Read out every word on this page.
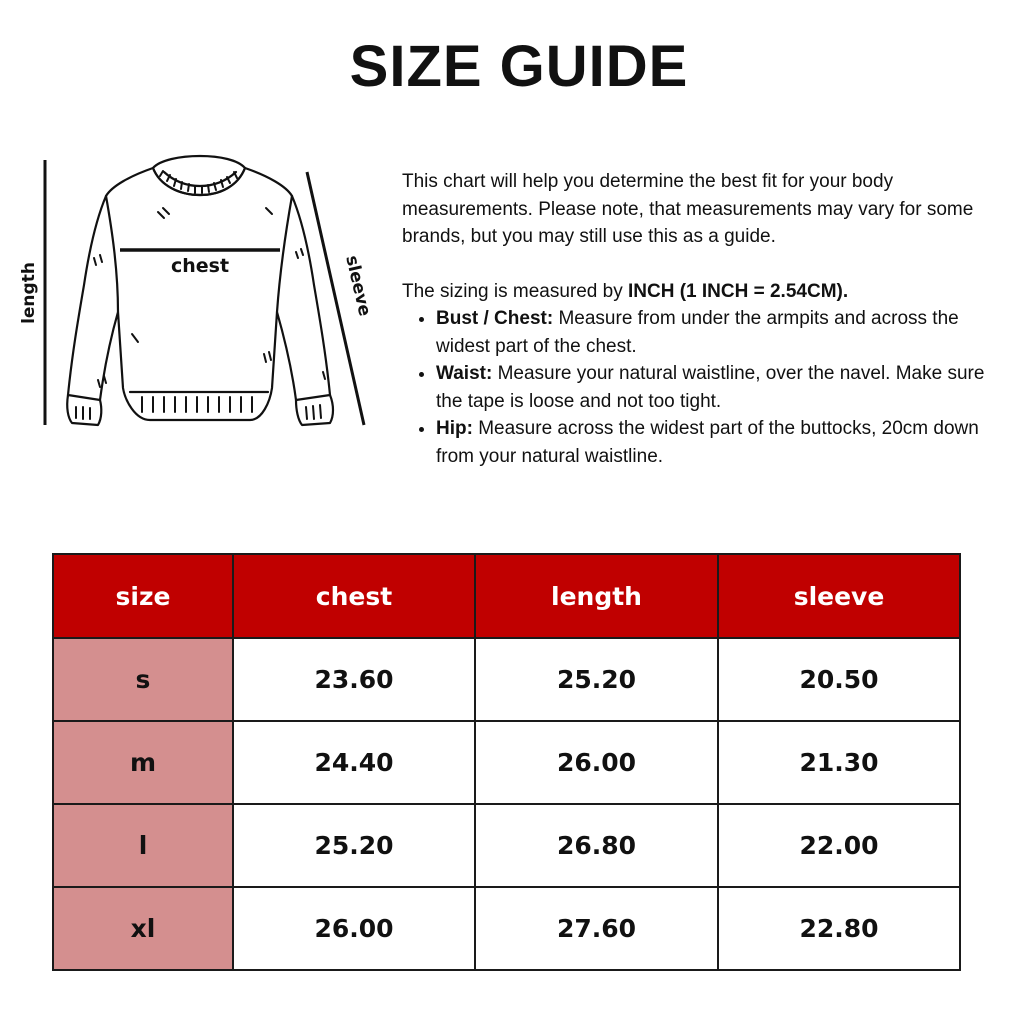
SIZE GUIDE
chest
length	sleeve

This chart will help you determine the best fit for your body measurements. Please note, that measurements may vary for some brands, but you may still use this as a guide.

The sizing is measured by INCH (1 INCH = 2.54CM).

• Bust / Chest: Measure from under the armpits and across the widest part of the chest.
• Waist: Measure your natural waistline, over the navel. Make sure the tape is loose and not too tight.
• Hip: Measure across the widest part of the buttocks, 20cm down from your natural waistline.
size	chest	length	sleeve
s	23.60	25.20	20.50
m	24.40	26.00	21.30
l	25.20	26.80	22.00
xl	26.00	27.60	22.80
